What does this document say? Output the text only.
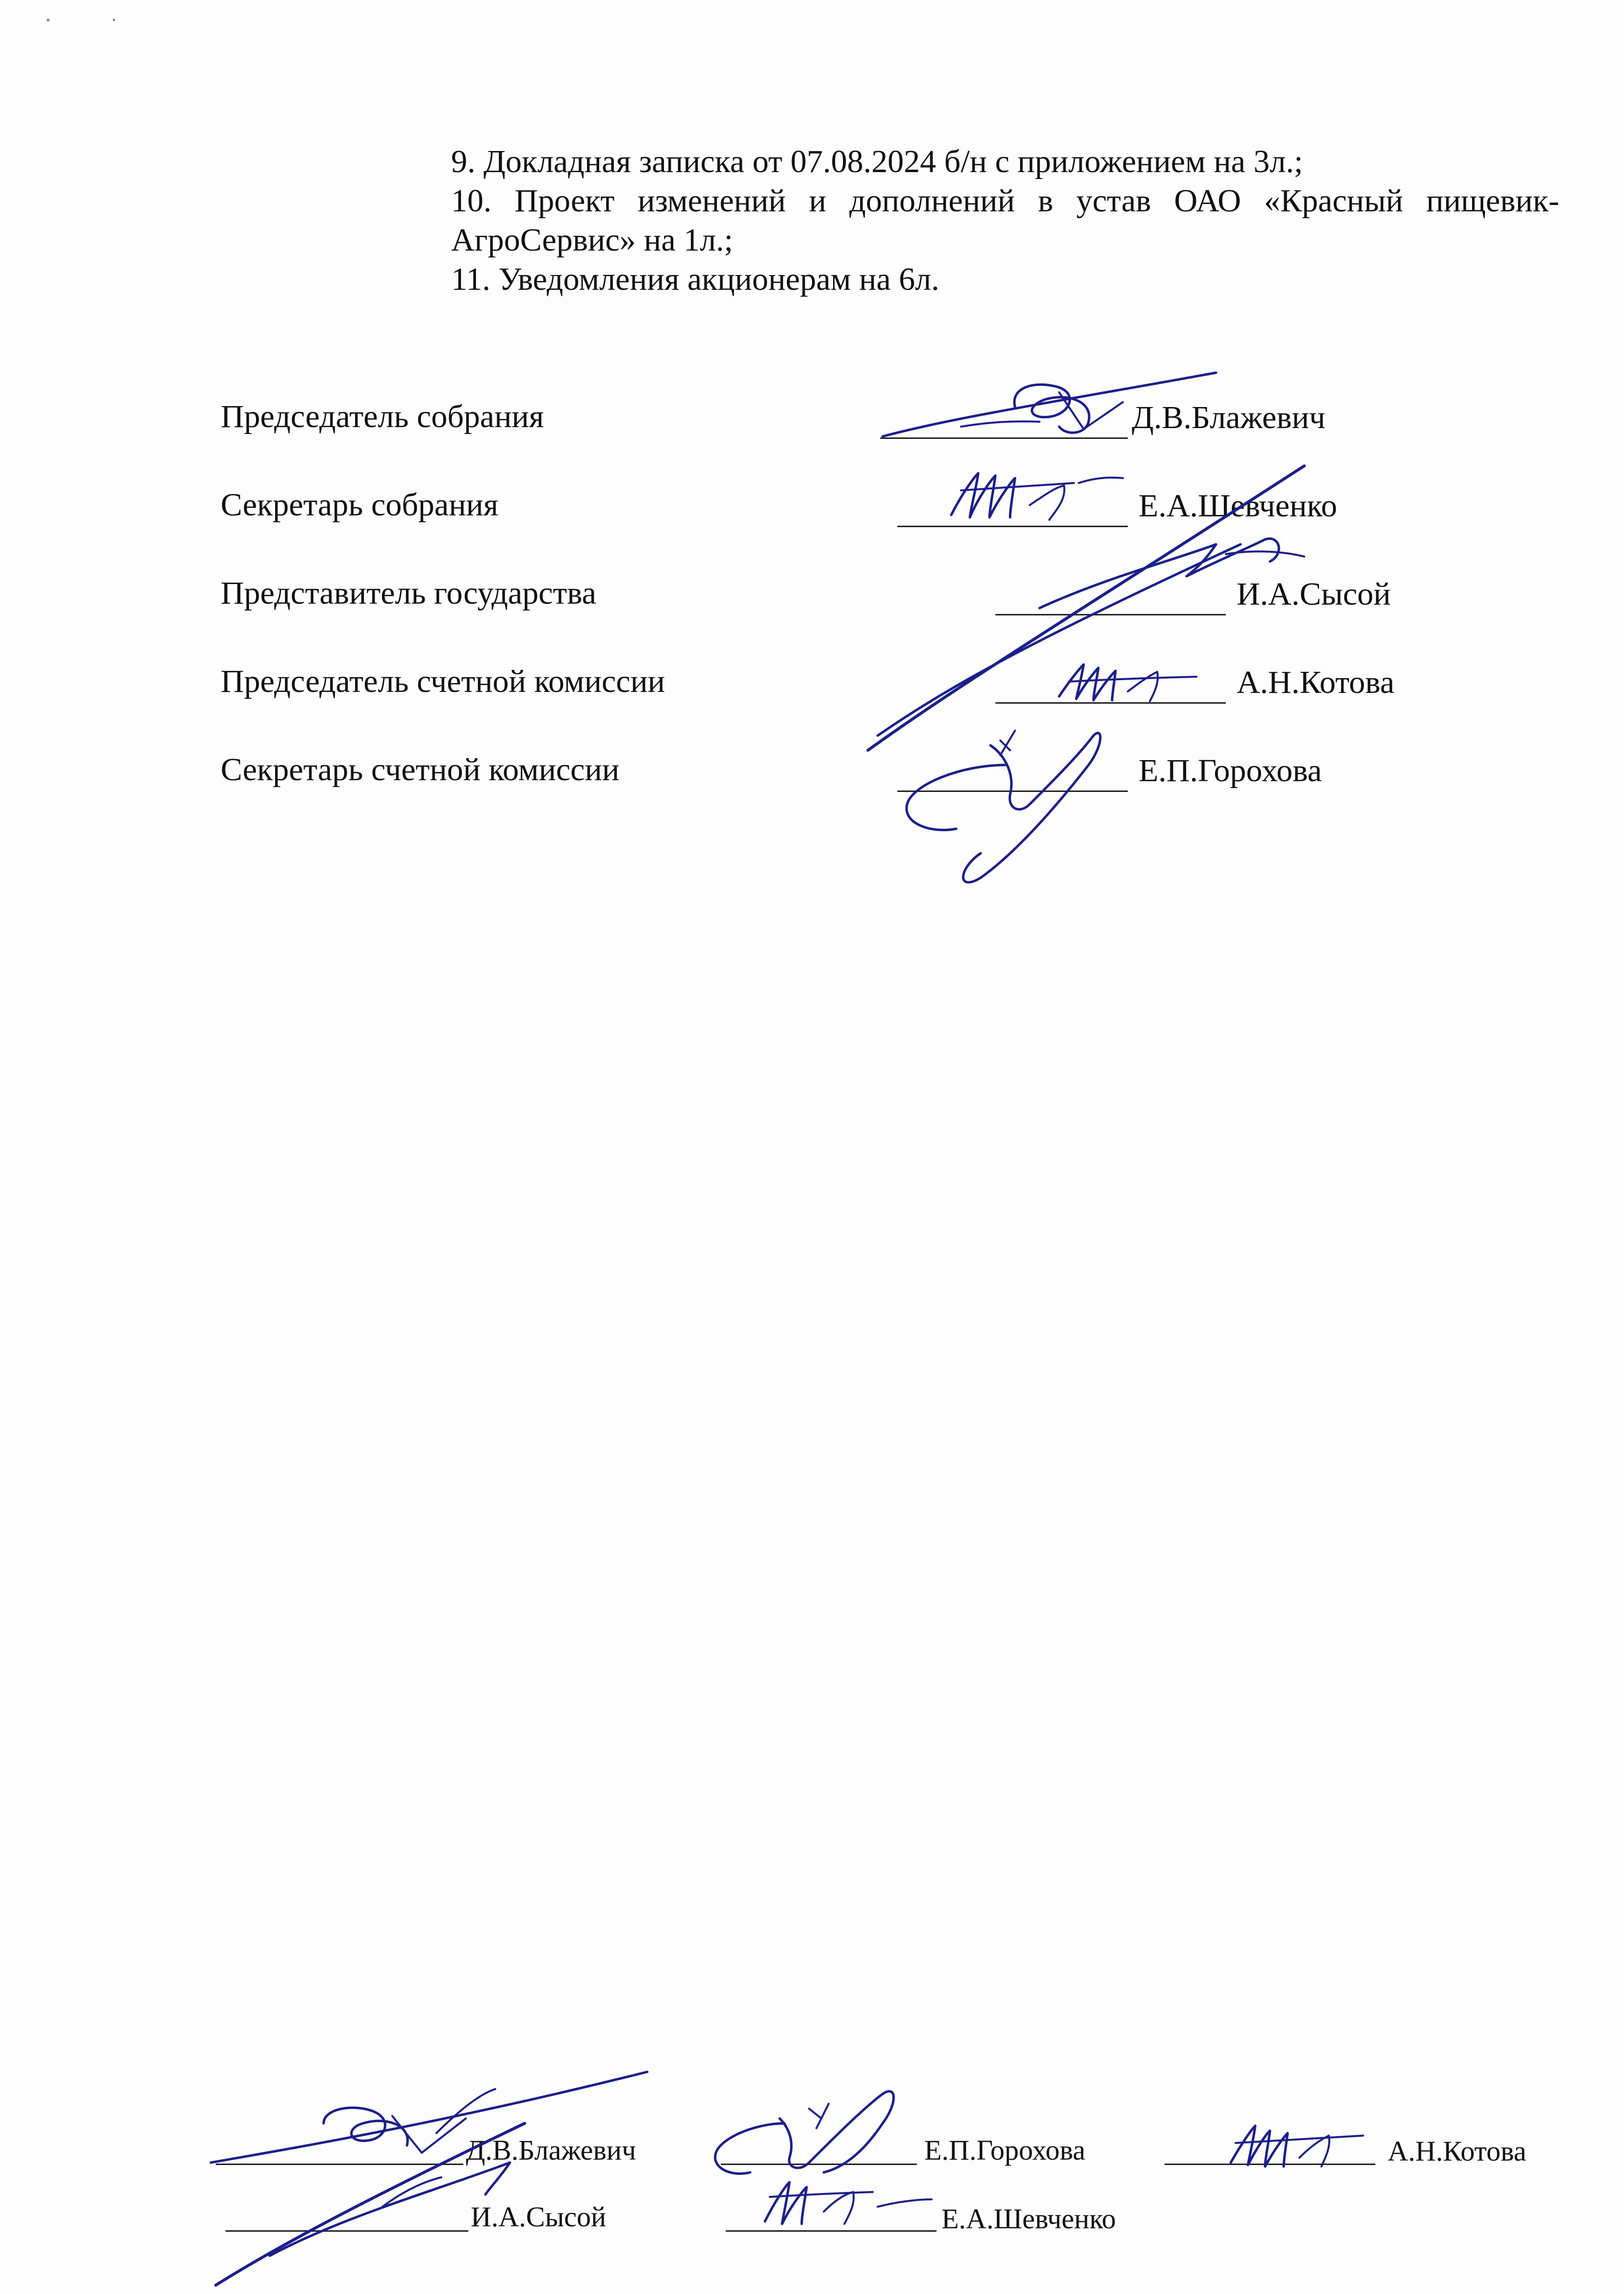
9. Докладная записка от 07.08.2024 б/н с приложением на 3л.;

10. Проект изменений и дополнений в устав ОАО «Красный пищевик-АгроСервис» на 1л.;

11. Уведомления акционерам на 6л.

Председатель собрания	Д.В.Блажевич
Секретарь собрания	Е.А.Шевченко
Представитель государства	И.А.Сысой
Председатель счетной комиссии	А.Н.Котова
Секретарь счетной комиссии	Е.П.Горохова
Д.В.Блажевич	Е.П.Горохова	А.Н.Котова
И.А.Сысой	Е.А.Шевченко
